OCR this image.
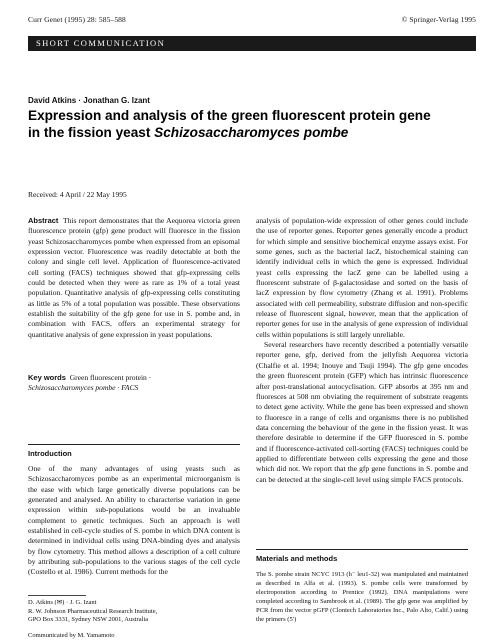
Curr Genet (1995) 28: 585–588	© Springer-Verlag 1995
SHORT COMMUNICATION
David Atkins · Jonathan G. Izant
Expression and analysis of the green fluorescent protein gene
in the fission yeast Schizosaccharomyces pombe
Received: 4 April / 22 May 1995

Abstract This report demonstrates that the Aequorea victoria green fluorescence protein (gfp) gene product will fluoresce in the fission yeast Schizosaccharomyces pombe when expressed from an episomal expression vector. Fluorescence was readily detectable at both the colony and single cell level. Application of fluorescence-activated cell sorting (FACS) techniques showed that gfp-expressing cells could be detected when they were as rare as 1% of a total yeast population. Quantitative analysis of gfp-expressing cells constituting as little as 5% of a total population was possible. These observations establish the suitability of the gfp gene for use in S. pombe and, in combination with FACS, offers an experimental strategy for quantitative analysis of gene expression in yeast populations.

Key words Green fluorescent protein ·
Schizosaccharomyces pombe · FACS

Introduction

One of the many advantages of using yeasts such as Schizosaccharomyces pombe as an experimental microorganism is the ease with which large genetically diverse populations can be generated and analysed. An ability to characterise variation in gene expression within sub-populations would be an invaluable complement to genetic techniques. Such an approach is well established in cell-cycle studies of S. pombe in which DNA content is determined in individual cells using DNA-binding dyes and analysis by flow cytometry. This method allows a description of a cell culture by attributing sub-populations to the various stages of the cell cycle (Costello et al. 1986). Current methods for the

analysis of population-wide expression of other genes could include the use of reporter genes. Reporter genes generally encode a product for which simple and sensitive biochemical enzyme assays exist. For some genes, such as the bacterial lacZ, histochemical staining can identify individual cells in which the gene is expressed. Individual yeast cells expressing the lacZ gene can be labelled using a fluorescent substrate of β-galactosidase and sorted on the basis of lacZ expression by flow cytometry (Zhang et al. 1991). Problems associated with cell permeability, substrate diffusion and non-specific release of fluorescent signal, however, mean that the application of reporter genes for use in the analysis of gene expression of individual cells within populations is still largely unreliable.
Several researchers have recently described a potentially versatile reporter gene, gfp, derived from the jellyfish Aequorea victoria (Chalfie et al. 1994; Inouye and Tsuji 1994). The gfp gene encodes the green fluorescent protein (GFP) which has intrinsic fluorescence after post-translational autocyclisation. GFP absorbs at 395 nm and fluoresces at 508 nm obviating the requirement of substrate reagents to detect gene activity. While the gene has been expressed and shown to fluoresce in a range of cells and organisms there is no published data concerning the behaviour of the gene in the fission yeast. It was therefore desirable to determine if the GFP fluoresced in S. pombe and if fluorescence-activated cell-sorting (FACS) techniques could be applied to differentiate between cells expressing the gene and those which did not. We report that the gfp gene functions in S. pombe and can be detected at the single-cell level using simple FACS protocols.
Materials and methods

The S. pombe strain NCYC 1913 (h⁻ leu1-32) was manipulated and maintained as described in Alfa et al. (1993). S. pombe cells were transformed by electroporation according to Prentice (1992). DNA manipulations were completed according to Sambrook et al. (1989). The gfp gene was amplified by PCR from the vector pGFP (Clontech Laboratories Inc., Palo Alto, Calif.) using the primers (5′)

D. Atkins (✉) · J. G. Izant
R. W. Johnson Pharmaceutical Research Institute,
GPO Box 3331, Sydney NSW 2001, Australia
Communicated by M. Yamamoto
